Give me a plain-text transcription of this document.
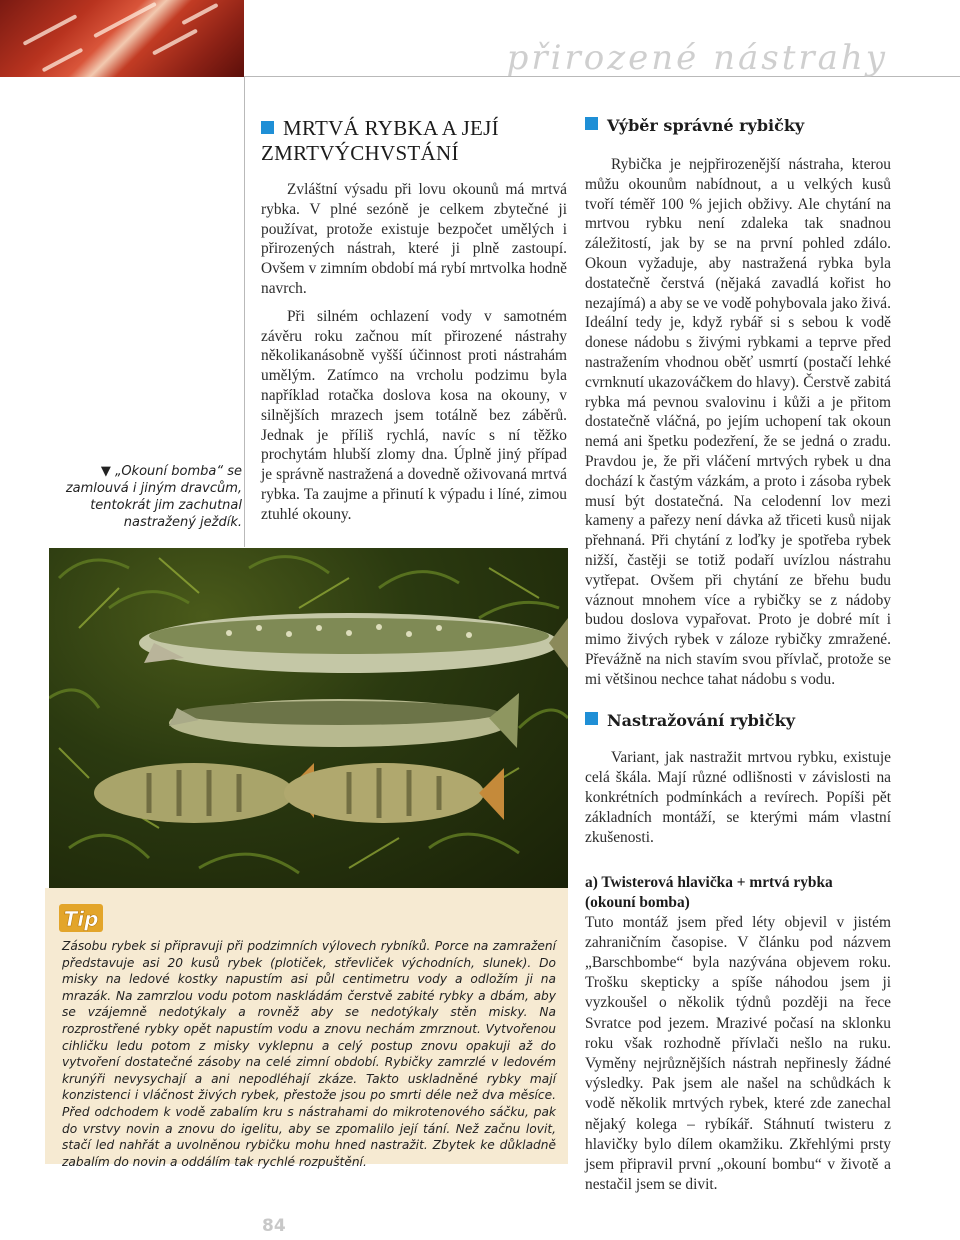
přirozené nástrahy
▼ „Okouní bomba“ se zamlouvá i jiným dravcům, tentokrát jim zachutnal nastražený ježdík.
MRTVÁ RYBKA A JEJÍ
ZMRTVÝCHVSTÁNÍ

Zvláštní výsadu při lovu okounů má mrtvá rybka. V plné sezóně je celkem zbytečné ji používat, protože existuje bezpočet umělých i přirozených nástrah, které ji plně zastoupí. Ovšem v zimním období má rybí mrtvolka hodně navrch.

Při silném ochlazení vody v samotném závěru roku začnou mít přirozené nástrahy několikanásobně vyšší účinnost proti nástrahám umělým. Zatímco na vrcholu podzimu byla například rotačka doslova kosa na okouny, v silnějších mrazech jsem totálně bez záběrů. Jednak je příliš rychlá, navíc s ní těžko prochytám hlubší zlomy dna. Úplně jiný případ je správně nastražená a dovedně oživovaná mrtvá rybka. Ta zaujme a přinutí k výpadu i líné, zimou ztuhlé okouny.

Výběr správné rybičky

Rybička je nejpřirozenější nástraha, kterou můžu okounům nabídnout, a u velkých kusů tvoří téměř 100 % jejich obživy. Ale chytání na mrtvou rybku není zdaleka tak snadnou záležitostí, jak by se na první pohled zdálo. Okoun vyžaduje, aby nastražená rybka byla dostatečně čerstvá (nějaká zavadlá kořist ho nezajímá) a aby se ve vodě pohybovala jako živá. Ideální tedy je, když rybář si s sebou k vodě donese nádobu s živými rybkami a teprve před nastražením vhodnou oběť usmrtí (postačí lehké cvrnknutí ukazováčkem do hlavy). Čerstvě zabitá rybka má pevnou svalovinu i kůži a je přitom dostatečně vláčná, po jejím uchopení tak okoun nemá ani špetku podezření, že se jedná o zradu. Pravdou je, že při vláčení mrtvých rybek u dna dochází k častým vázkám, a proto i zásoba rybek musí být dostatečná. Na celodenní lov mezi kameny a pařezy není dávka až třiceti kusů nijak přehnaná. Při chytání z loďky je spotřeba rybek nižší, častěji se totiž podaří uvízlou nástrahu vytřepat. Ovšem při chytání ze břehu budu váznout mnohem více a rybičky se z nádoby budou doslova vypařovat. Proto je dobré mít i mimo živých rybek v záloze rybičky zmražené. Převážně na nich stavím svou přívlač, protože se mi většinou nechce tahat nádobu s vodu.

Nastražování rybičky

Variant, jak nastražit mrtvou rybku, existuje celá škála. Mají různé odlišnosti v závislosti na konkrétních podmínkách a revírech. Popíši pět základních montáží, se kterými mám vlastní zkušenosti.

a) Twisterová hlavička + mrtvá rybka
(okouní bomba)

Tuto montáž jsem před léty objevil v jistém zahraničním časopise. V článku pod názvem „Barschbombe“ byla nazývána objevem roku. Trošku skepticky a spíše náhodou jsem ji vyzkoušel o několik týdnů později na řece Svratce pod jezem. Mrazivé počasí na sklonku roku však rozhodně přívlači nešlo na ruku. Vyměny nejrůznějších nástrah nepřinesly žádné výsledky. Pak jsem ale našel na schůdkách k vodě několik mrtvých rybek, které zde zanechal nějaký kolega – rybíkář. Stáhnutí twisteru z hlavičky bylo dílem okamžiku. Zkřehlými prsty jsem připravil první „okouní bombu“ v životě a nestačil jsem se divit.

Tip
Zásobu rybek si připravuji při podzimních výlovech rybníků. Porce na zamražení představuje asi 20 kusů rybek (plotiček, střevliček východních, slunek). Do misky na ledové kostky napustím asi půl centimetru vody a odložím ji na mrazák. Na zamrzlou vodu potom naskládám čerstvě zabité rybky a dbám, aby se vzájemně nedotýkaly a rovněž aby se nedotýkaly stěn misky. Na rozprostřené rybky opět napustím vodu a znovu nechám zmrznout. Vytvořenou cihličku ledu potom z misky vyklepnu a celý postup znovu opakuji až do vytvoření dostatečné zásoby na celé zimní období. Rybičky zamrzlé v ledovém krunýři nevysychají a ani nepodléhají zkáze. Takto uskladněné rybky mají konzistenci i vláčnost živých rybek, přestože jsou po smrti déle než dva měsíce. Před odchodem k vodě zabalím kru s nástrahami do mikrotenového sáčku, pak do vrstvy novin a znovu do igelitu, aby se zpomalilo její tání. Než začnu lovit, stačí led nahřát a uvolněnou rybičku mohu hned nastražit. Zbytek ke důkladně zabalím do novin a oddálím tak rychlé rozpuštění.
84
